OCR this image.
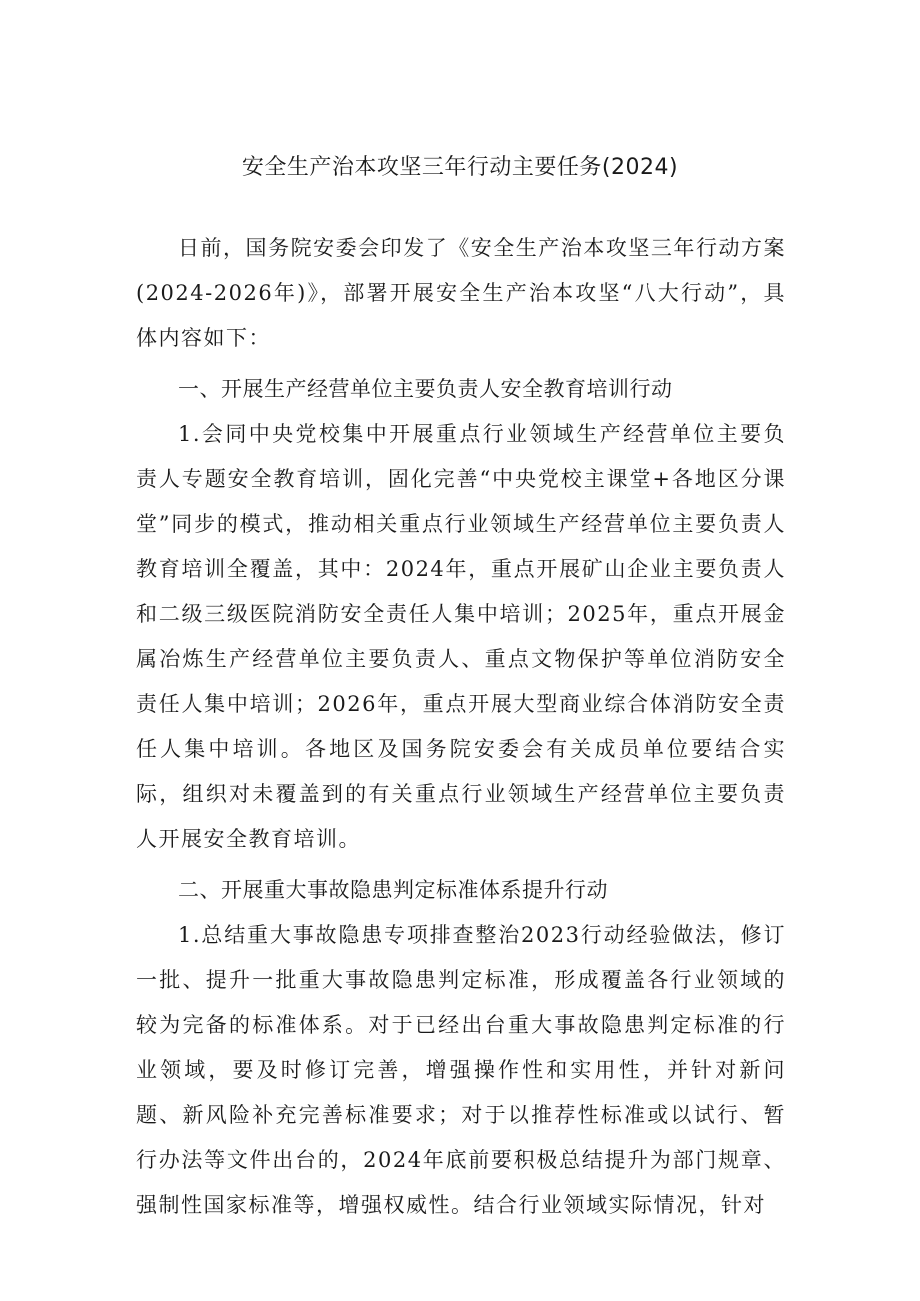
安全生产治本攻坚三年行动主要任务(2024)

日前，国务院安委会印发了《安全生产治本攻坚三年行动方案(2024-2026年)》，部署开展安全生产治本攻坚“八大行动”，具体内容如下：

一、开展生产经营单位主要负责人安全教育培训行动

1.会同中央党校集中开展重点行业领域生产经营单位主要负责人专题安全教育培训，固化完善“中央党校主课堂+各地区分课堂”同步的模式，推动相关重点行业领域生产经营单位主要负责人教育培训全覆盖，其中：2024年，重点开展矿山企业主要负责人和二级三级医院消防安全责任人集中培训；2025年，重点开展金属冶炼生产经营单位主要负责人、重点文物保护等单位消防安全责任人集中培训；2026年，重点开展大型商业综合体消防安全责任人集中培训。各地区及国务院安委会有关成员单位要结合实际，组织对未覆盖到的有关重点行业领域生产经营单位主要负责人开展安全教育培训。

二、开展重大事故隐患判定标准体系提升行动

1.总结重大事故隐患专项排查整治2023行动经验做法，修订一批、提升一批重大事故隐患判定标准，形成覆盖各行业领域的较为完备的标准体系。对于已经出台重大事故隐患判定标准的行业领域，要及时修订完善，增强操作性和实用性，并针对新问题、新风险补充完善标准要求；对于以推荐性标准或以试行、暂行办法等文件出台的，2024年底前要积极总结提升为部门规章、强制性国家标准等，增强权威性。结合行业领域实际情况，针对
